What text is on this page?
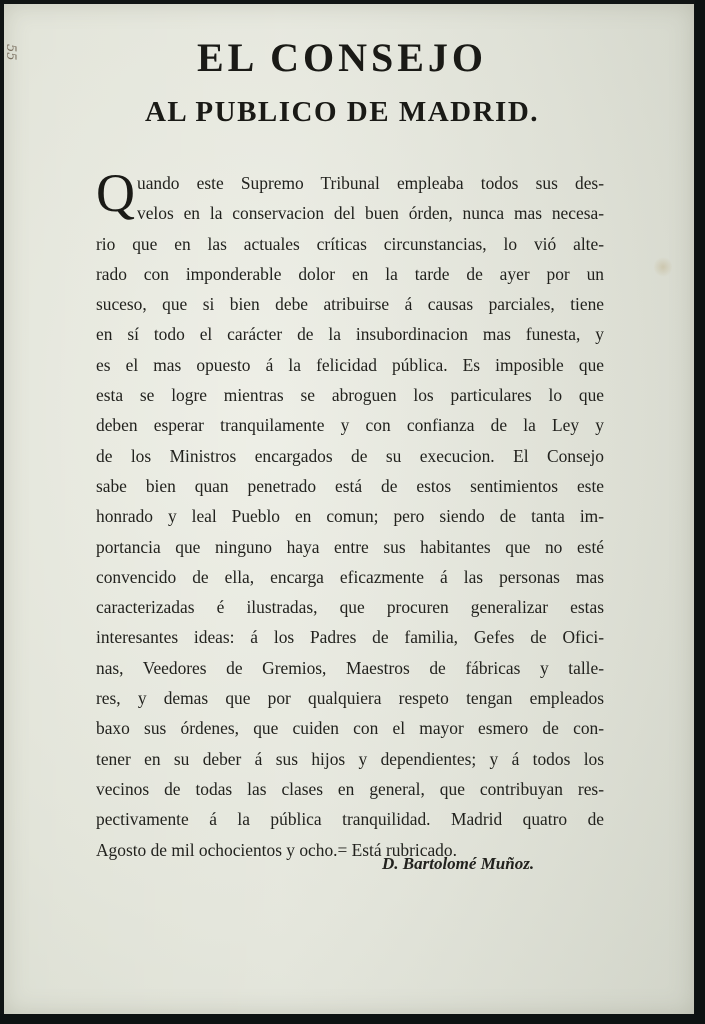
55	EL CONSEJO
AL PUBLICO DE MADRID.
Q uando este Supremo Tribunal empleaba todos sus des-
velos en la conservacion del buen órden, nunca mas necesa-
rio que en las actuales críticas circunstancias, lo vió alte-
rado con imponderable dolor en la tarde de ayer por un
suceso, que si bien debe atribuirse á causas parciales, tiene
en sí todo el carácter de la insubordinacion mas funesta, y
es el mas opuesto á la felicidad pública. Es imposible que
esta se logre mientras se abroguen los particulares lo que
deben esperar tranquilamente y con confianza de la Ley y
de los Ministros encargados de su execucion. El Consejo
sabe bien quan penetrado está de estos sentimientos este
honrado y leal Pueblo en comun; pero siendo de tanta im-
portancia que ninguno haya entre sus habitantes que no esté
convencido de ella, encarga eficazmente á las personas mas
caracterizadas é ilustradas, que procuren generalizar estas
interesantes ideas: á los Padres de familia, Gefes de Ofici-
nas, Veedores de Gremios, Maestros de fábricas y talle-
res, y demas que por qualquiera respeto tengan empleados
baxo sus órdenes, que cuiden con el mayor esmero de con-
tener en su deber á sus hijos y dependientes; y á todos los
vecinos de todas las clases en general, que contribuyan res-
pectivamente á la pública tranquilidad. Madrid quatro de
Agosto de mil ochocientos y ocho.= Está rubricado.
D. Bartolomé Muñoz.
